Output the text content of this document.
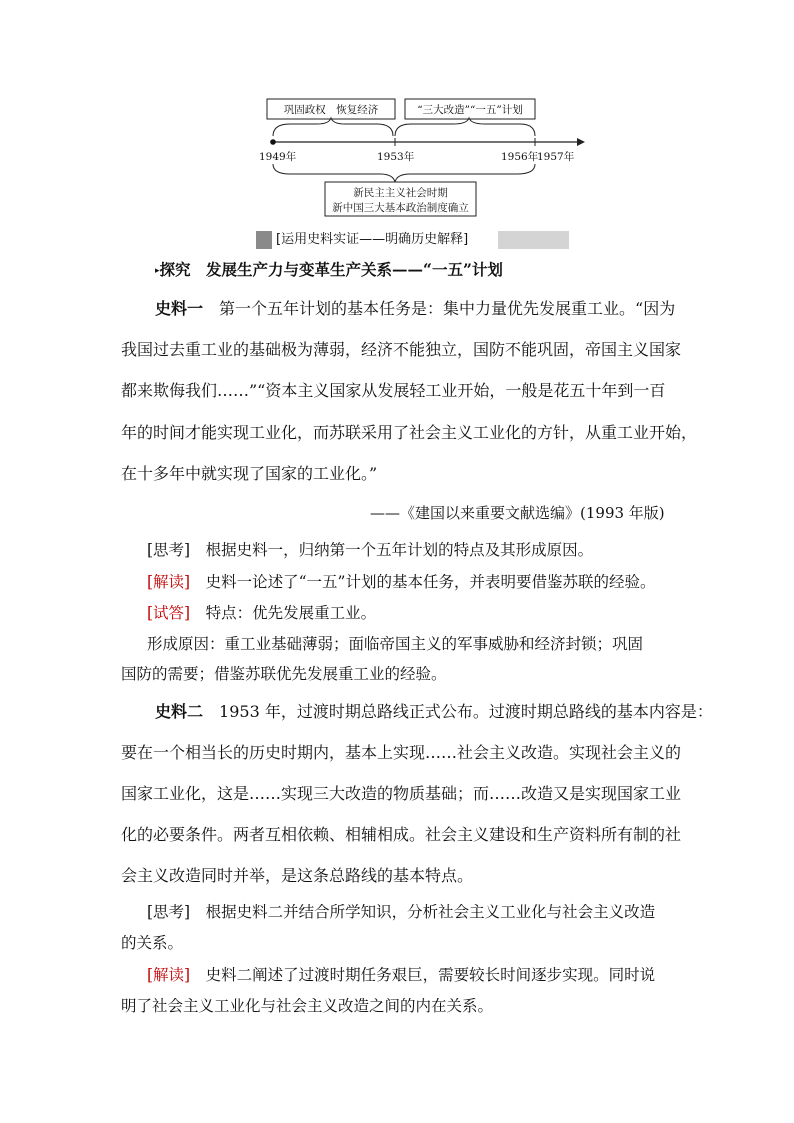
巩固政权　恢复经济	“三大改造”“一五”计划
1949年	1953年	1956年
1957年
新民主主义社会时期
新中国三大基本政治制度确立
[运用史料实证——明确历史解释]
▸探究　发展生产力与变革生产关系——“一五”计划
史料一　 第一个五年计划的基本任务是：集中力量优先发展重工业。“因为
我国过去重工业的基础极为薄弱，经济不能独立，国防不能巩固，帝国主义国家
都来欺侮我们……”“资本主义国家从发展轻工业开始，一般是花五十年到一百
年的时间才能实现工业化，而苏联采用了社会主义工业化的方针，从重工业开始，
在十多年中就实现了国家的工业化。”
——《建国以来重要文献选编》(1993 年版)
[思考]　 根据史料一，归纳第一个五年计划的特点及其形成原因。
[解读]　 史料一论述了“一五”计划的基本任务，并表明要借鉴苏联的经验。
[试答]　 特点：优先发展重工业。
形成原因：重工业基础薄弱；面临帝国主义的军事威胁和经济封锁；巩固
国防的需要；借鉴苏联优先发展重工业的经验。
史料二　 1953 年，过渡时期总路线正式公布。过渡时期总路线的基本内容是：
要在一个相当长的历史时期内，基本上实现……社会主义改造。实现社会主义的
国家工业化，这是……实现三大改造的物质基础；而……改造又是实现国家工业
化的必要条件。两者互相依赖、相辅相成。社会主义建设和生产资料所有制的社
会主义改造同时并举，是这条总路线的基本特点。
[思考]　 根据史料二并结合所学知识，分析社会主义工业化与社会主义改造
的关系。
[解读]　 史料二阐述了过渡时期任务艰巨，需要较长时间逐步实现。同时说
明了社会主义工业化与社会主义改造之间的内在关系。
